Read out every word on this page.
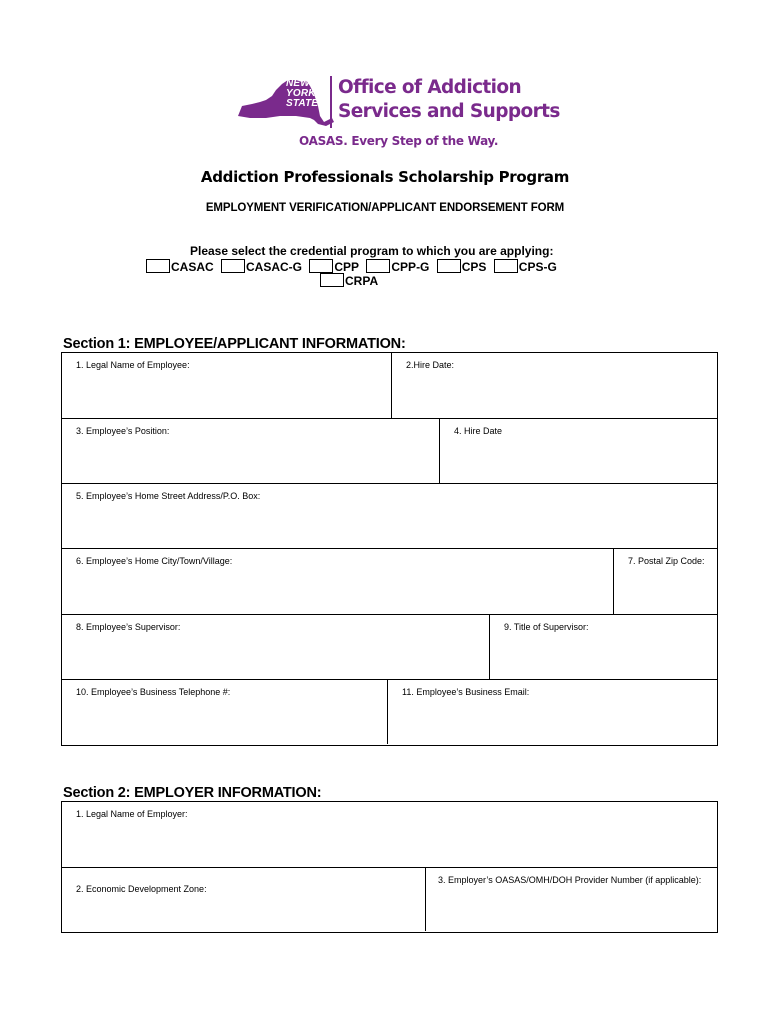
NEW
YORK
STATE
Office of Addiction
Services and Supports
OASAS. Every Step of the Way.
Addiction Professionals Scholarship Program
EMPLOYMENT VERIFICATION/APPLICANT ENDORSEMENT FORM
Please select the credential program to which you are applying:
CASAC	CASAC-G	CPP	CPP-G	CPS	CPS-G
CRPA
Section 1: EMPLOYEE/APPLICANT INFORMATION:
1. Legal Name of Employee:	2.Hire Date:
3. Employee’s Position:	4. Hire Date
5. Employee’s Home Street Address/P.O. Box:
6. Employee’s Home City/Town/Village:	7. Postal Zip Code:
8. Employee’s Supervisor:	9. Title of Supervisor:
10. Employee’s Business Telephone #:	11. Employee’s Business Email:
Section 2: EMPLOYER INFORMATION:
1. Legal Name of Employer:
2. Economic Development Zone:
3. Employer’s OASAS/OMH/DOH Provider Number (if applicable):
